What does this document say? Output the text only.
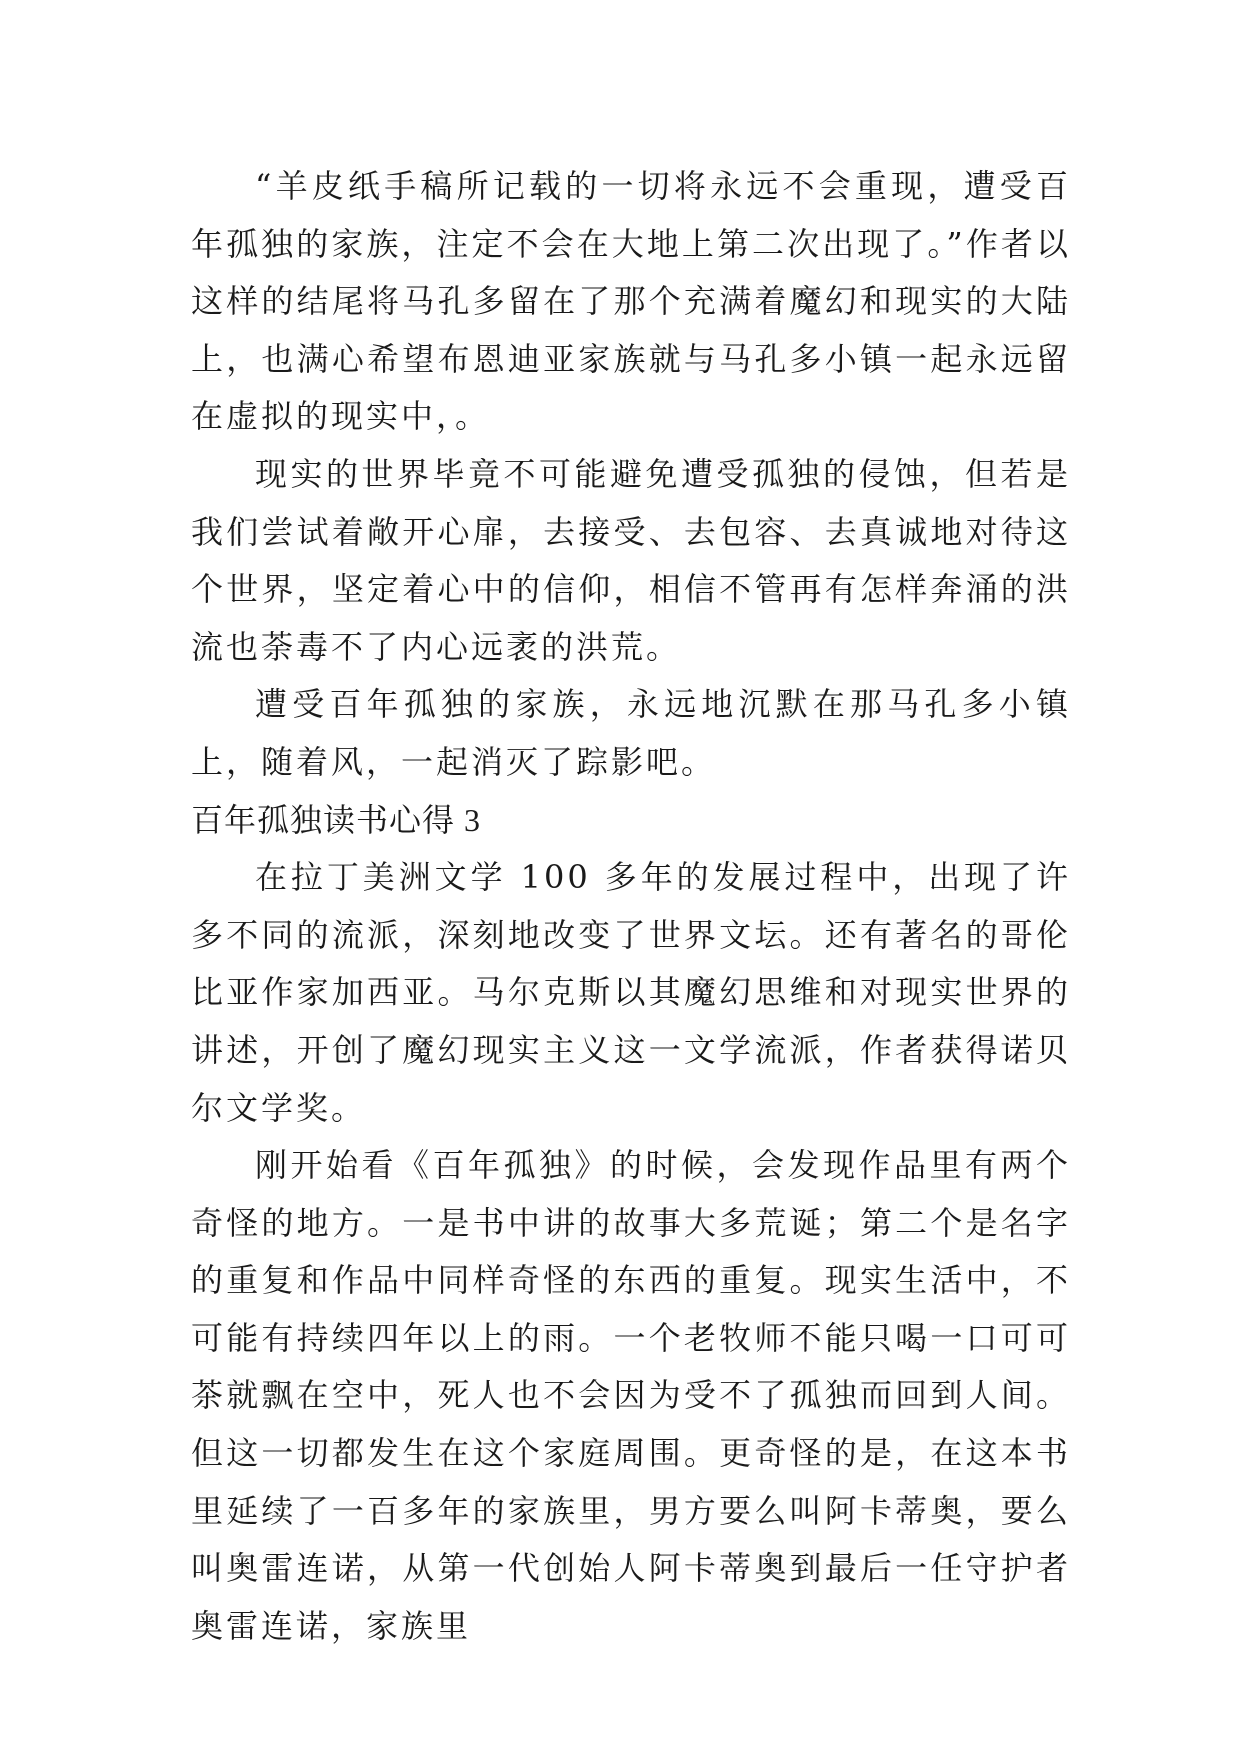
“羊皮纸手稿所记载的一切将永远不会重现，遭受百年孤独的家族，注定不会在大地上第二次出现了。”作者以这样的结尾将马孔多留在了那个充满着魔幻和现实的大陆上，也满心希望布恩迪亚家族就与马孔多小镇一起永远留在虚拟的现实中，。

现实的世界毕竟不可能避免遭受孤独的侵蚀，但若是我们尝试着敞开心扉，去接受、去包容、去真诚地对待这个世界，坚定着心中的信仰，相信不管再有怎样奔涌的洪流也荼毒不了内心远袤的洪荒。

遭受百年孤独的家族，永远地沉默在那马孔多小镇上，随着风，一起消灭了踪影吧。

百年孤独读书心得 3

在拉丁美洲文学 100 多年的发展过程中，出现了许多不同的流派，深刻地改变了世界文坛。还有著名的哥伦比亚作家加西亚。马尔克斯以其魔幻思维和对现实世界的讲述，开创了魔幻现实主义这一文学流派，作者获得诺贝尔文学奖。

刚开始看《百年孤独》的时候，会发现作品里有两个奇怪的地方。一是书中讲的故事大多荒诞；第二个是名字的重复和作品中同样奇怪的东西的重复。现实生活中，不可能有持续四年以上的雨。一个老牧师不能只喝一口可可茶就飘在空中，死人也不会因为受不了孤独而回到人间。但这一切都发生在这个家庭周围。更奇怪的是，在这本书里延续了一百多年的家族里，男方要么叫阿卡蒂奥，要么叫奥雷连诺，从第一代创始人阿卡蒂奥到最后一任守护者奥雷连诺，家族里
